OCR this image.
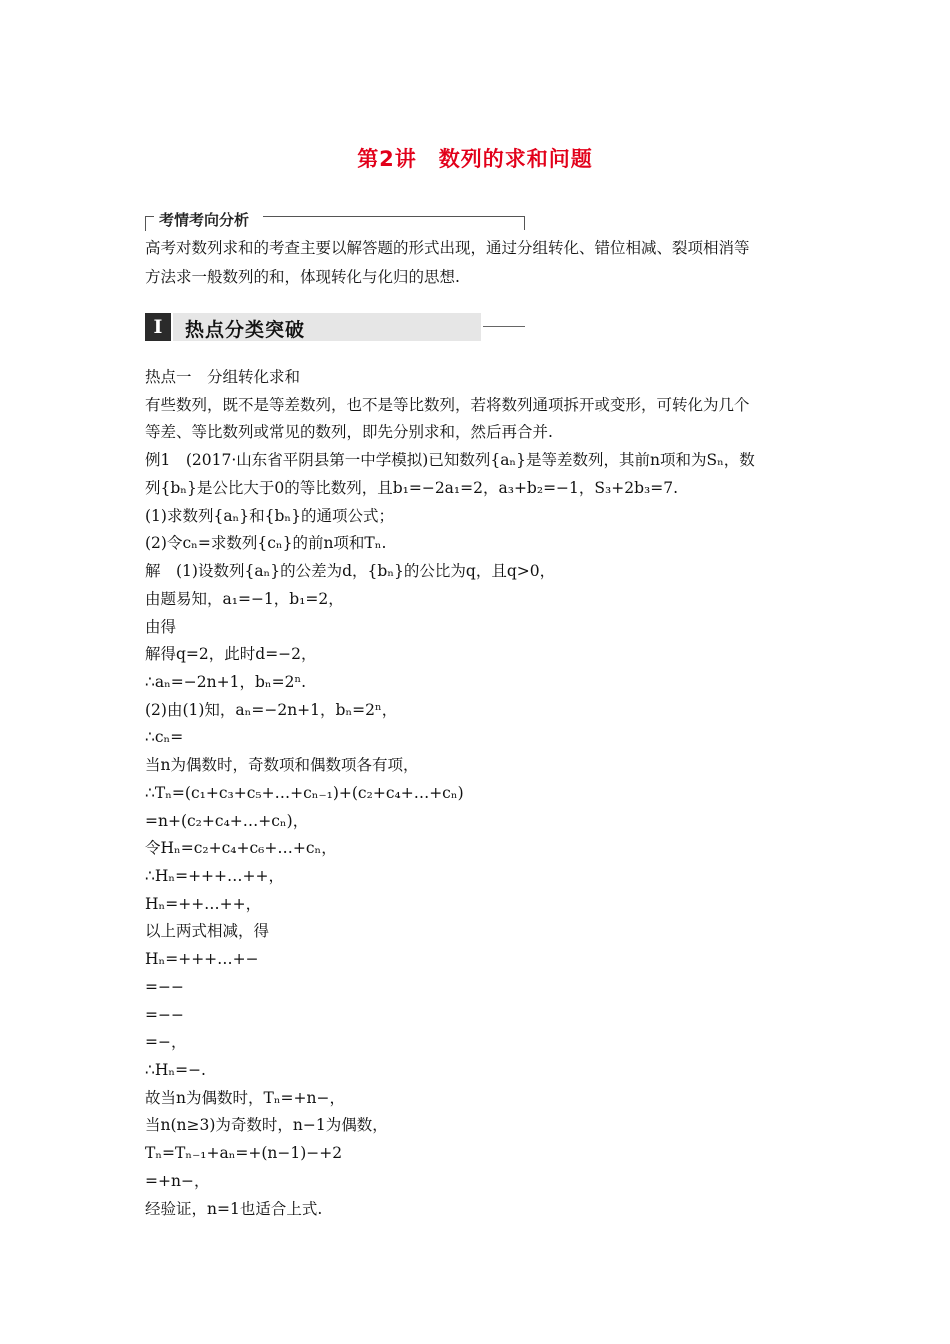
第2讲　数列的求和问题
考情考向分析
高考对数列求和的考查主要以解答题的形式出现，通过分组转化、错位相减、裂项相消等
方法求一般数列的和，体现转化与化归的思想.
I	热点分类突破
热点一　分组转化求和
有些数列，既不是等差数列，也不是等比数列，若将数列通项拆开或变形，可转化为几个
等差、等比数列或常见的数列，即先分别求和，然后再合并.
例1　(2017·山东省平阴县第一中学模拟)已知数列{aₙ}是等差数列，其前n项和为Sₙ，数
列{bₙ}是公比大于0的等比数列，且b₁=−2a₁=2，a₃+b₂=−1，S₃+2b₃=7.
(1)求数列{aₙ}和{bₙ}的通项公式；
(2)令cₙ=求数列{cₙ}的前n项和Tₙ.
解　(1)设数列{aₙ}的公差为d，{bₙ}的公比为q，且q>0，
由题易知，a₁=−1，b₁=2，
由得
解得q=2，此时d=−2，
∴aₙ=−2n+1，bₙ=2ⁿ.
(2)由(1)知，aₙ=−2n+1，bₙ=2ⁿ，
∴cₙ=
当n为偶数时，奇数项和偶数项各有项，
∴Tₙ=(c₁+c₃+c₅+…+cₙ₋₁)+(c₂+c₄+…+cₙ)
=n+(c₂+c₄+…+cₙ)，
令Hₙ=c₂+c₄+c₆+…+cₙ，
∴Hₙ=+++…++，
Hₙ=++…++，
以上两式相减，得
Hₙ=+++…+−
=−−
=−−
=−，
∴Hₙ=−.
故当n为偶数时，Tₙ=+n−，
当n(n≥3)为奇数时，n−1为偶数，
Tₙ=Tₙ₋₁+aₙ=+(n−1)−+2
=+n−，
经验证，n=1也适合上式.
